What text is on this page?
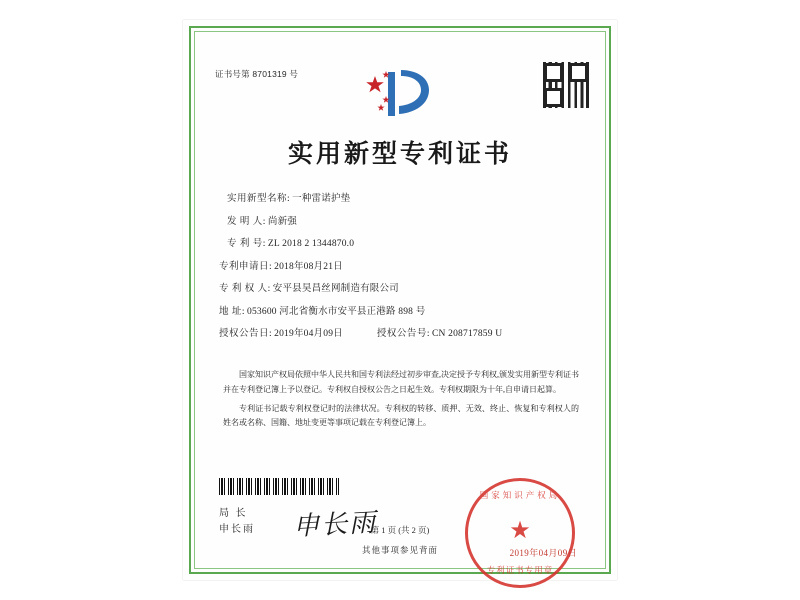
证书号第 8701319 号
实用新型专利证书
实用新型名称: 一种雷诺护垫
发 明 人: 尚新强
专 利 号: ZL 2018 2 1344870.0
专利申请日: 2018年08月21日
专 利 权 人: 安平县昊昌丝网制造有限公司
地 址: 053600 河北省衡水市安平县正港路 898 号
授权公告日: 2019年04月09日	授权公告号: CN 208717859 U

国家知识产权局依照中华人民共和国专利法经过初步审查,决定授予专利权,颁发实用新型专利证书并在专利登记簿上予以登记。专利权自授权公告之日起生效。专利权期限为十年,自申请日起算。

专利证书记载专利权登记时的法律状况。专利权的转移、质押、无效、终止、恢复和专利权人的姓名或名称、国籍、地址变更等事项记载在专利登记簿上。

局 长
申长雨 申长雨
国家知识产权局
★
专利证书专用章
2019年04月09日
第 1 页 (共 2 页)
其他事项参见背面
